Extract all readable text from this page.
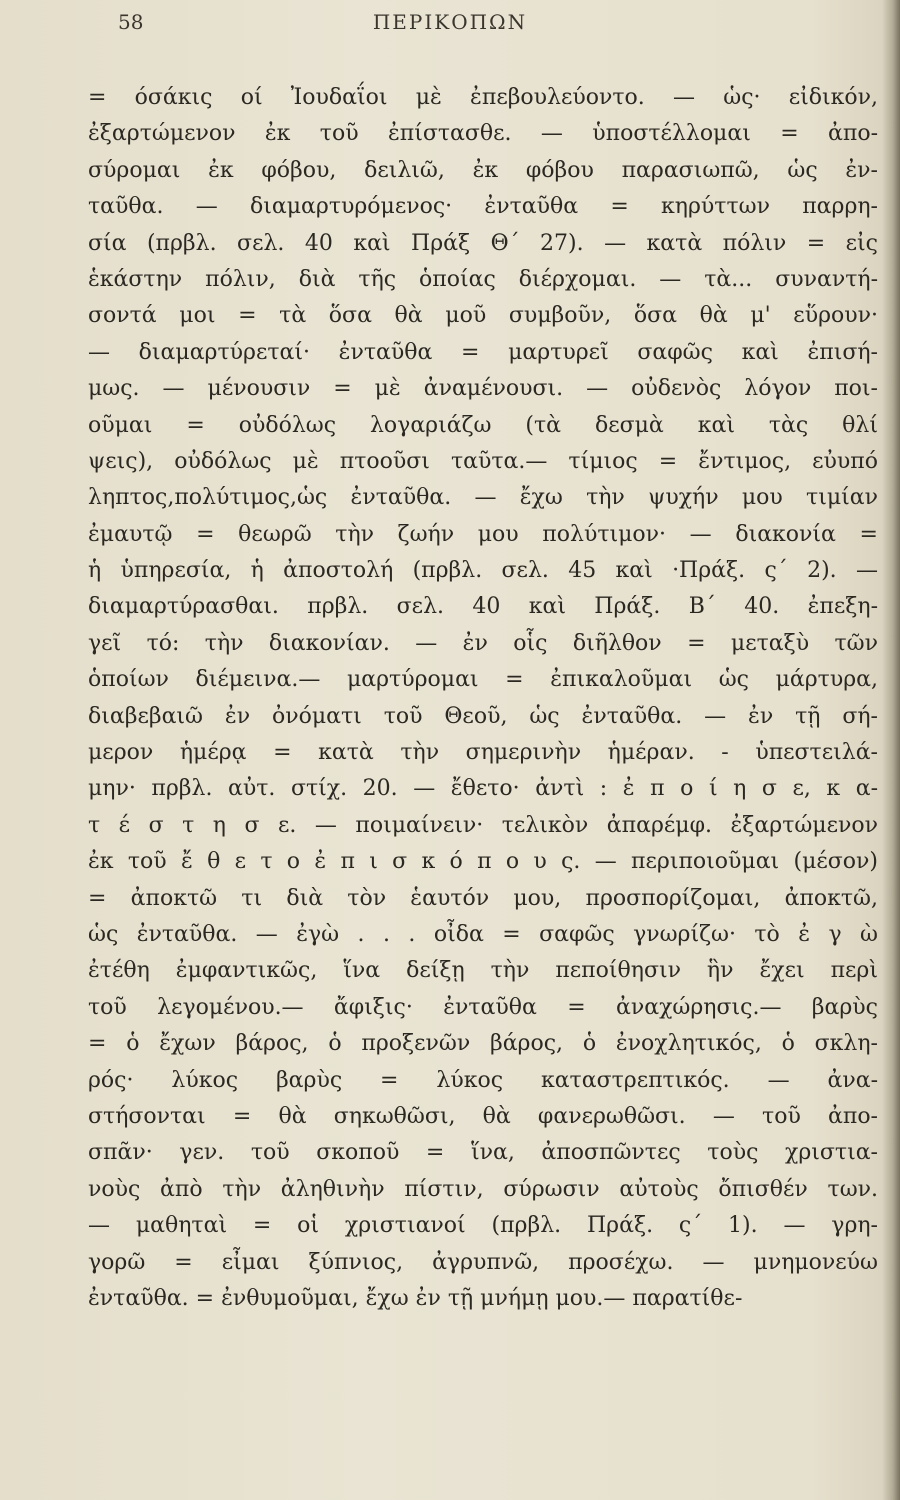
58	ΠΕΡΙΚΟΠΩΝ
= όσάκις οί Ἰουδαΐοι μὲ ἐπεβουλεύοντο. — ὡς· εἰδικόν,
ἐξαρτώμενον ἐκ τοῦ ἐπίστασθε. — ὑποστέλλομαι = ἀπο-
σύρομαι ἐκ φόβου, δειλιῶ, ἐκ φόβου παρασιωπῶ, ὡς ἐν-
ταῦθα. — διαμαρτυρόμενος· ἐνταῦθα = κηρύττων παρρη-
σία (πρβλ. σελ. 40 καὶ Πράξ Θ΄ 27). — κατὰ πόλιν = εἰς
ἑκάστην πόλιν, διὰ τῆς ὁποίας διέρχομαι. — τὰ... συναντή-
σοντά μοι = τὰ ὅσα θὰ μοῦ συμβοῦν, ὅσα θὰ μ' εὕρουν·
— διαμαρτύρεταί· ἐνταῦθα = μαρτυρεῖ σαφῶς καὶ ἐπισή-
μως. — μένουσιν = μὲ ἀναμένουσι. — οὐδενὸς λόγον ποι-
οῦμαι = οὐδόλως λογαριάζω (τὰ δεσμὰ καὶ τὰς θλί
ψεις), οὐδόλως μὲ πτοοῦσι ταῦτα.— τίμιος = ἔντιμος, εὐυπό
ληπτος,πολύτιμος,ὡς ἐνταῦθα. — ἔχω τὴν ψυχήν μου τιμίαν
ἐμαυτῷ = θεωρῶ τὴν ζωήν μου πολύτιμον· — διακονία =
ἡ ὑπηρεσία, ἡ ἀποστολή (πρβλ. σελ. 45 καὶ ·Πράξ. ς΄ 2). —
διαμαρτύρασθαι. πρβλ. σελ. 40 καὶ Πράξ. Β΄ 40. ἐπεξη-
γεῖ τό: τὴν διακονίαν. — ἐν οἷς διῆλθον = μεταξὺ τῶν
ὁποίων διέμεινα.— μαρτύρομαι = ἐπικαλοῦμαι ὡς μάρτυρα,
διαβεβαιῶ ἐν ὀνόματι τοῦ Θεοῦ, ὡς ἐνταῦθα. — ἐν τῇ σή-
μερον ἡμέρᾳ = κατὰ τὴν σημερινὴν ἡμέραν. - ὑπεστειλά-
μην· πρβλ. αὐτ. στίχ. 20. — ἔθετο· ἀντὶ : ἐ π ο ί η σ ε, κ α-
τ έ σ τ η σ ε. — ποιμαίνειν· τελικὸν ἀπαρέμφ. ἐξαρτώμενον
ἐκ τοῦ ἔ θ ε τ ο ἐ π ι σ κ ό π ο υ ς. — περιποιοῦμαι (μέσον)
= ἀποκτῶ τι διὰ τὸν ἑαυτόν μου, προσπορίζομαι, ἀποκτῶ,
ὡς ἐνταῦθα. — ἐγὼ . . . οἶδα = σαφῶς γνωρίζω· τὸ ἐ γ ὼ
ἐτέθη ἐμφαντικῶς, ἵνα δείξῃ τὴν πεποίθησιν ἣν ἔχει περὶ
τοῦ λεγομένου.— ἄφιξις· ἐνταῦθα = ἀναχώρησις.— βαρὺς
= ὁ ἔχων βάρος, ὁ προξενῶν βάρος, ὁ ἐνοχλητικός, ὁ σκλη-
ρός· λύκος βαρὺς = λύκος καταστρεπτικός. — ἀνα-
στήσονται = θὰ σηκωθῶσι, θὰ φανερωθῶσι. — τοῦ ἀπο-
σπᾶν· γεν. τοῦ σκοποῦ = ἵνα, ἀποσπῶντες τοὺς χριστια-
νοὺς ἀπὸ τὴν ἀληθινὴν πίστιν, σύρωσιν αὐτοὺς ὄπισθέν των.
— μαθηταὶ = οἱ χριστιανοί (πρβλ. Πράξ. ς΄ 1). — γρη-
γορῶ = εἶμαι ξύπνιος, ἀγρυπνῶ, προσέχω. — μνημονεύω
ἐνταῦθα. = ἐνθυμοῦμαι, ἔχω ἐν τῇ μνήμῃ μου.— παρατίθε-
